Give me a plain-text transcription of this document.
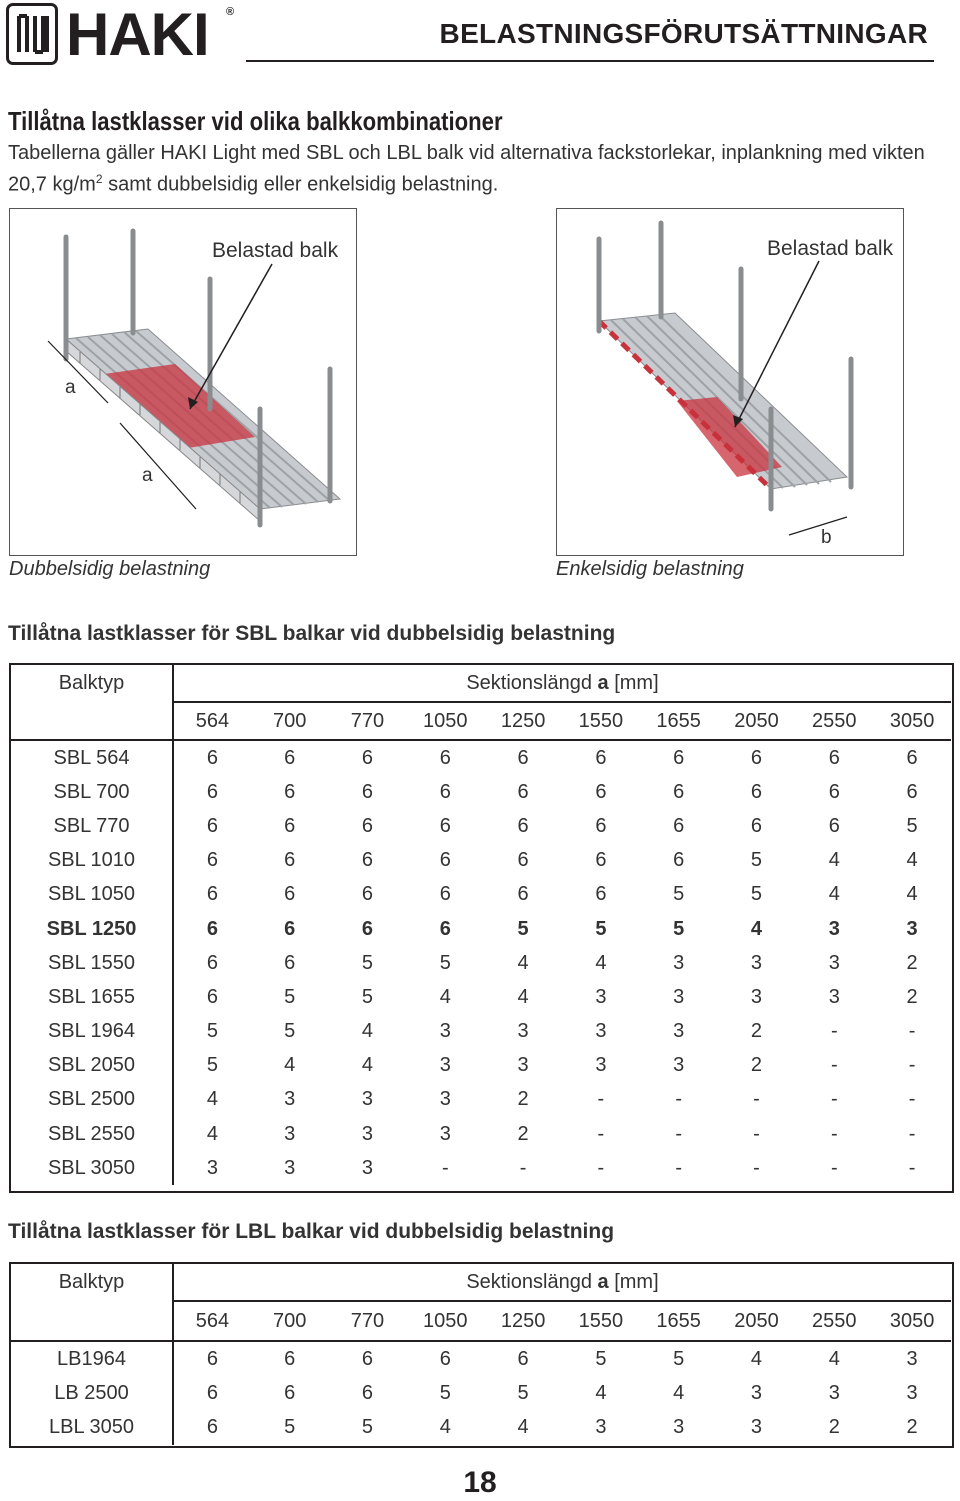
HAKI ®
BELASTNINGSFÖRUTSÄTTNINGAR
Tillåtna lastklasser vid olika balkkombinationer
Tabellerna gäller HAKI Light med SBL och LBL balk vid alternativa fackstorlekar, inplankning med vikten 20,7 $kg/m^2$ samt dubbelsidig eller enkelsidig belastning.
Belastad balk
a
a
Dubbelsidig belastning
Belastad balk
b
Enkelsidig belastning
Tillåtna lastklasser för SBL balkar vid dubbelsidig belastning
Balktyp	Sektionslängd a [mm]									
	564	700	770	1050	1250	1550	1655	2050	2550	3050
SBL 564	6	6	6	6	6	6	6	6	6	6
SBL 700	6	6	6	6	6	6	6	6	6	6
SBL 770	6	6	6	6	6	6	6	6	6	5
SBL 1010	6	6	6	6	6	6	6	5	4	4
SBL 1050	6	6	6	6	6	6	5	5	4	4
SBL 1250	6	6	6	6	5	5	5	4	3	3
SBL 1550	6	6	5	5	4	4	3	3	3	2
SBL 1655	6	5	5	4	4	3	3	3	3	2
SBL 1964	5	5	4	3	3	3	3	2	-	-
SBL 2050	5	4	4	3	3	3	3	2	-	-
SBL 2500	4	3	3	3	2	-	-	-	-	-
SBL 2550	4	3	3	3	2	-	-	-	-	-
SBL 3050	3	3	3	-	-	-	-	-	-	-
Tillåtna lastklasser för LBL balkar vid dubbelsidig belastning
Balktyp	Sektionslängd a [mm]									
	564	700	770	1050	1250	1550	1655	2050	2550	3050
LB1964	6	6	6	6	6	5	5	4	4	3
LB 2500	6	6	6	5	5	4	4	3	3	3
LBL 3050	6	5	5	4	4	3	3	3	2	2
18
